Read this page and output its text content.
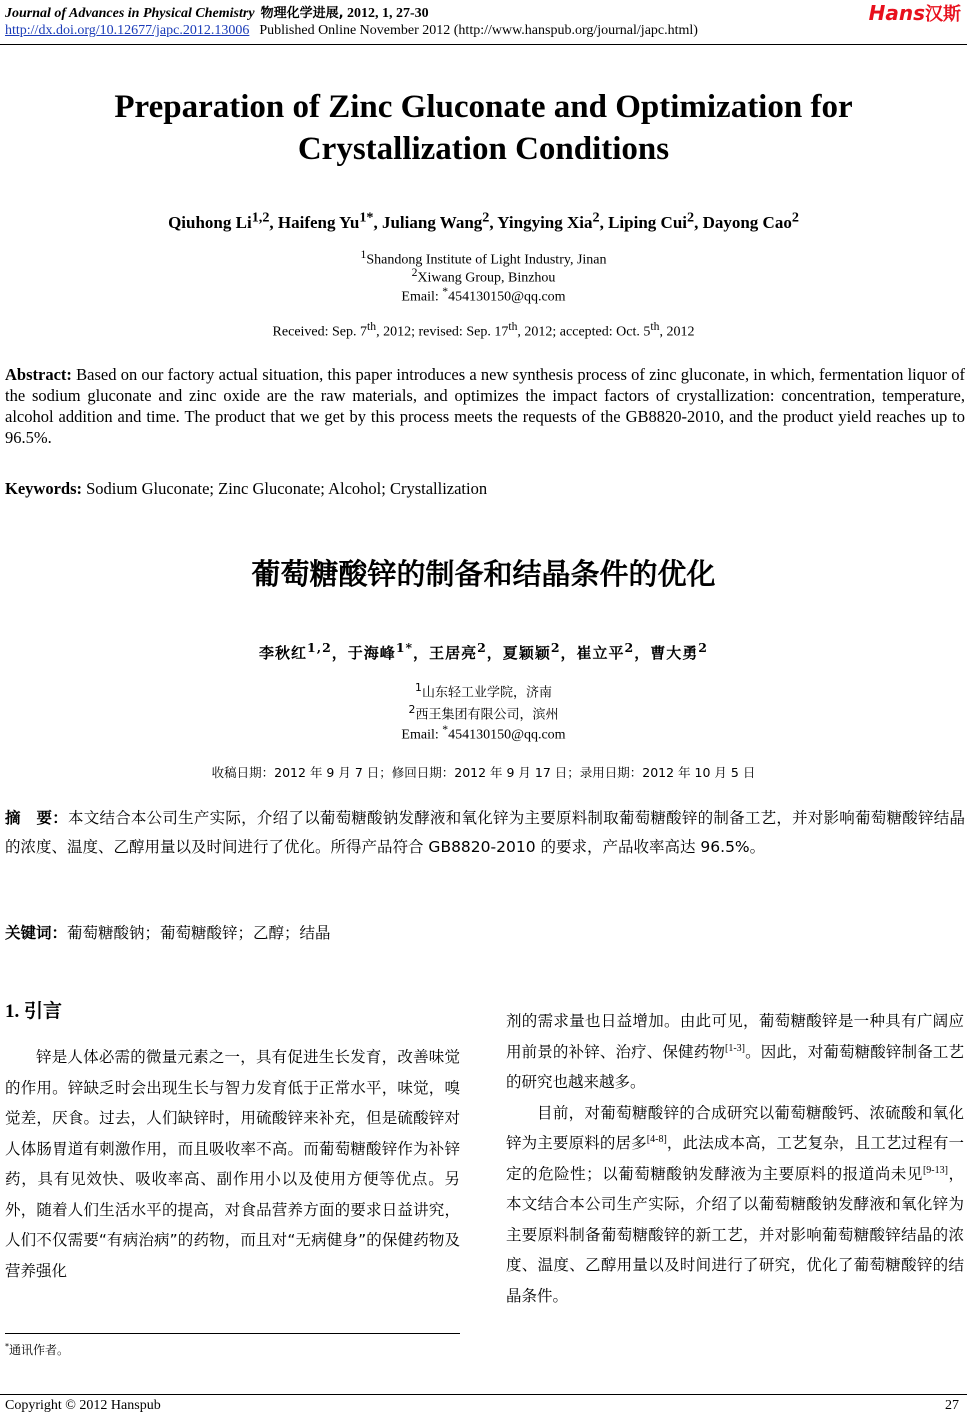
Journal of Advances in Physical Chemistry 物理化学进展, 2012, 1, 27-30	Hans汉斯
http://dx.doi.org/10.12677/japc.2012.13006 Published Online November 2012 (http://www.hanspub.org/journal/japc.html)
Preparation of Zinc Gluconate and Optimization for
Crystallization Conditions
Qiuhong Li$^{1,2}$, Haifeng $Yu^{1*}$, Juliang Wang$^2$, Yingying Xia$^2$, Liping Cui$^2$, Dayong Cao$^2$
$^1$Shandong Institute of Light Industry, Jinan
$^2$Xiwang Group, Binzhou
Email: *454130150@qq.com
Received: Sep. 7th, 2012; revised: Sep. 17th, 2012; accepted: Oct. 5th, 2012
Abstract: Based on our factory actual situation, this paper introduces a new synthesis process of zinc gluconate, in which, fermentation liquor of the sodium gluconate and zinc oxide are the raw materials, and optimizes the impact factors of crystallization: concentration, temperature, alcohol addition and time. The product that we get by this process meets the requests of the GB8820-2010, and the product yield reaches up to 96.5%.
Keywords: Sodium Gluconate; Zinc Gluconate; Alcohol; Crystallization
葡萄糖酸锌的制备和结晶条件的优化
李秋红$^{1,2}$，于海峰$^{1*}$，王居亮$^2$，夏颖颖$^2$，崔立平$^2$，曹大勇$^2$
$^1$山东轻工业学院，济南
$^2$西王集团有限公司，滨州
Email: *454130150@qq.com
收稿日期：2012 年 9 月 7 日；修回日期：2012 年 9 月 17 日；录用日期：2012 年 10 月 5 日
摘　要：本文结合本公司生产实际，介绍了以葡萄糖酸钠发酵液和氧化锌为主要原料制取葡萄糖酸锌的制备工艺，并对影响葡萄糖酸锌结晶的浓度、温度、乙醇用量以及时间进行了优化。所得产品符合 GB8820-2010 的要求，产品收率高达 96.5%。
关键词：葡萄糖酸钠；葡萄糖酸锌；乙醇；结晶
1. 引言

锌是人体必需的微量元素之一，具有促进生长发育，改善味觉的作用。锌缺乏时会出现生长与智力发育低于正常水平，味觉，嗅觉差，厌食。过去，人们缺锌时，用硫酸锌来补充，但是硫酸锌对人体肠胃道有刺激作用，而且吸收率不高。而葡萄糖酸锌作为补锌药，具有见效快、吸收率高、副作用小以及使用方便等优点。另外，随着人们生活水平的提高，对食品营养方面的要求日益讲究，人们不仅需要“有病治病”的药物，而且对“无病健身”的保健药物及营养强化

剂的需求量也日益增加。由此可见，葡萄糖酸锌是一种具有广阔应用前景的补锌、治疗、保健药物[1-3]。因此，对葡萄糖酸锌制备工艺的研究也越来越多。

目前，对葡萄糖酸锌的合成研究以葡萄糖酸钙、浓硫酸和氧化锌为主要原料的居多[4-8]，此法成本高，工艺复杂，且工艺过程有一定的危险性；以葡萄糖酸钠发酵液为主要原料的报道尚未见[9-13]，本文结合本公司生产实际，介绍了以葡萄糖酸钠发酵液和氧化锌为主要原料制备葡萄糖酸锌的新工艺，并对影响葡萄糖酸锌结晶的浓度、温度、乙醇用量以及时间进行了研究，优化了葡萄糖酸锌的结晶条件。

*通讯作者。
Copyright © 2012 Hanspub	27
